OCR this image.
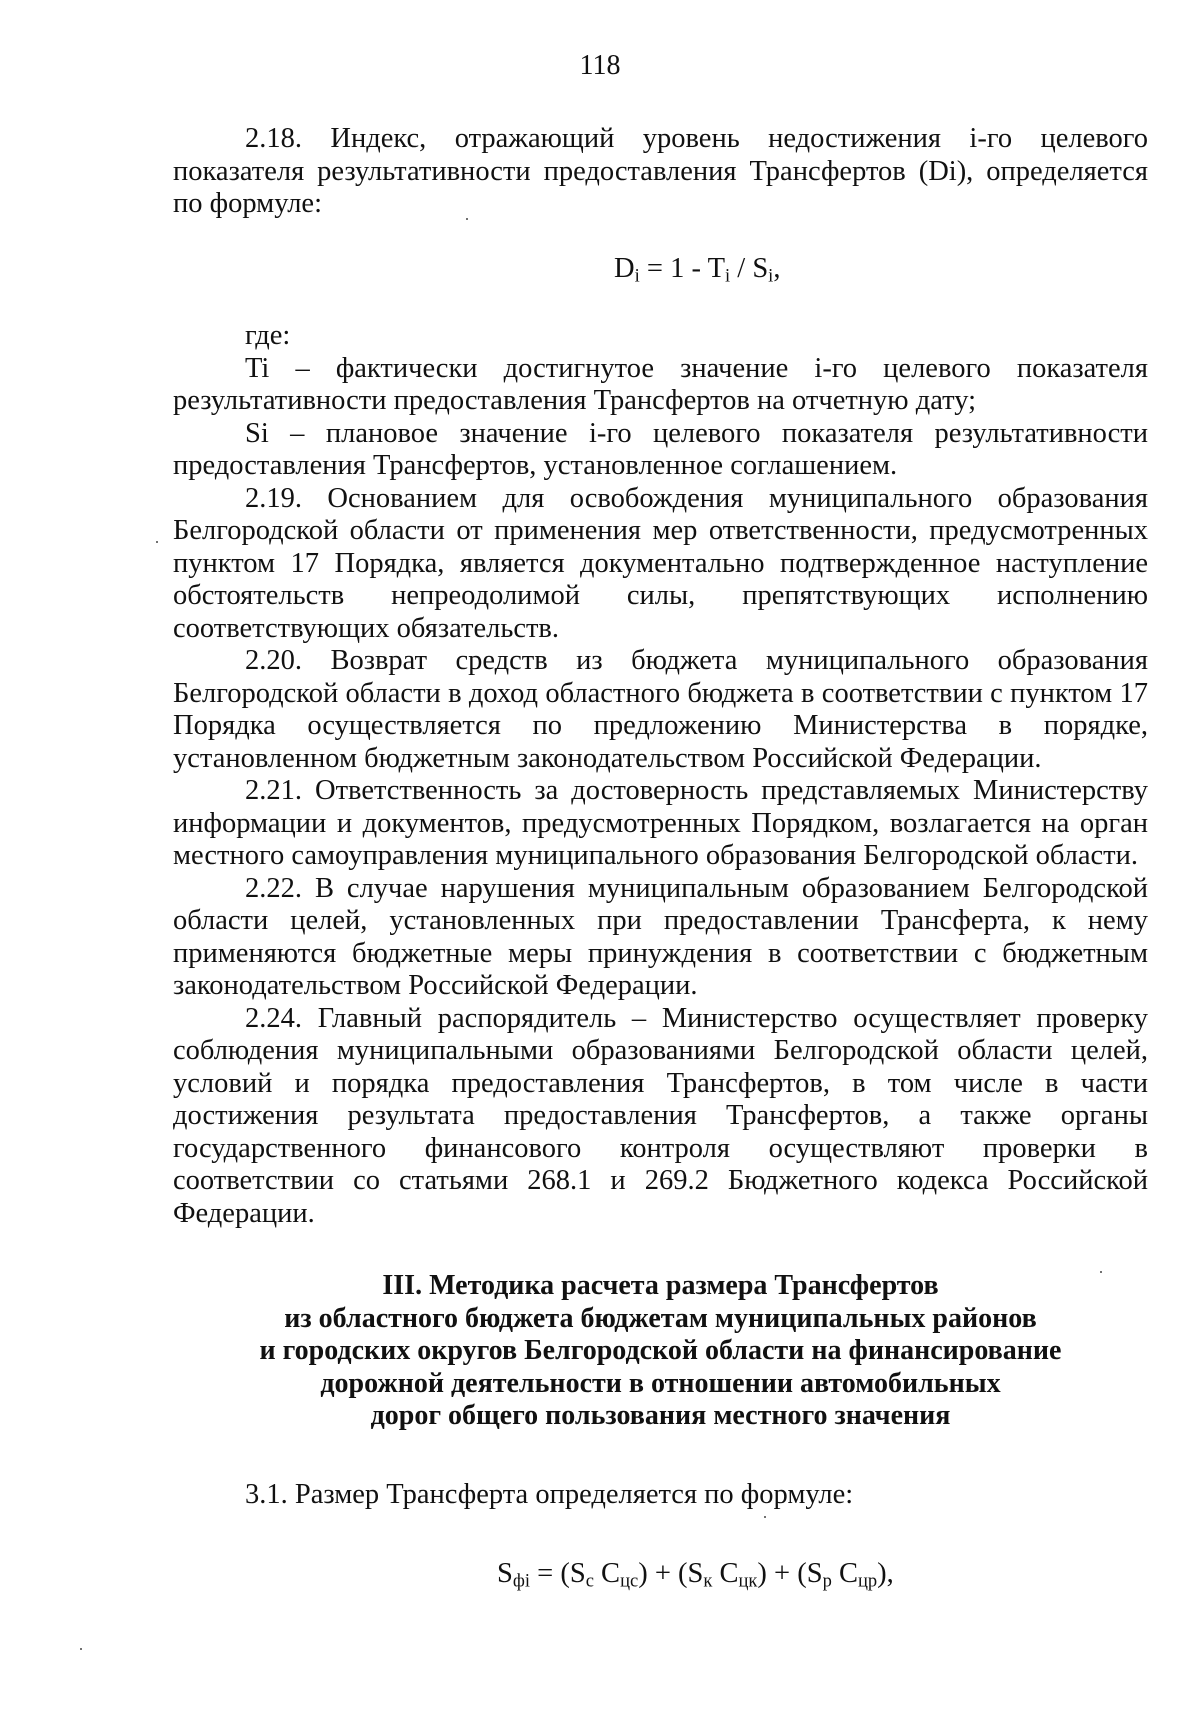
118

2.18. Индекс, отражающий уровень недостижения i-го целевого показателя результативности предоставления Трансфертов (Di), определяется по формуле:

$D_i = 1 - T_i / S_i$,

где:

Ti – фактически достигнутое значение i-го целевого показателя результативности предоставления Трансфертов на отчетную дату;

Si – плановое значение i-го целевого показателя результативности предоставления Трансфертов, установленное соглашением.

2.19. Основанием для освобождения муниципального образования Белгородской области от применения мер ответственности, предусмотренных пунктом 17 Порядка, является документально подтвержденное наступление обстоятельств непреодолимой силы, препятствующих исполнению соответствующих обязательств.

2.20. Возврат средств из бюджета муниципального образования Белгородской области в доход областного бюджета в соответствии с пунктом 17 Порядка осуществляется по предложению Министерства в порядке, установленном бюджетным законодательством Российской Федерации.

2.21. Ответственность за достоверность представляемых Министерству информации и документов, предусмотренных Порядком, возлагается на орган местного самоуправления муниципального образования Белгородской области.

2.22. В случае нарушения муниципальным образованием Белгородской области целей, установленных при предоставлении Трансферта, к нему применяются бюджетные меры принуждения в соответствии с бюджетным законодательством Российской Федерации.

2.24. Главный распорядитель – Министерство осуществляет проверку соблюдения муниципальными образованиями Белгородской области целей, условий и порядка предоставления Трансфертов, в том числе в части достижения результата предоставления Трансфертов, а также органы государственного финансового контроля осуществляют проверки в соответствии со статьями 268.1 и 269.2 Бюджетного кодекса Российской Федерации.

III. Методика расчета размера Трансфертов
из областного бюджета бюджетам муниципальных районов
и городских округов Белгородской области на финансирование
дорожной деятельности в отношении автомобильных
дорог общего пользования местного значения

3.1. Размер Трансферта определяется по формуле:

$S_{фi} = (S_с$ $C_{цс}) + (S_к$ $C_{цк}) + (S_р$ $C_{цр}$),
